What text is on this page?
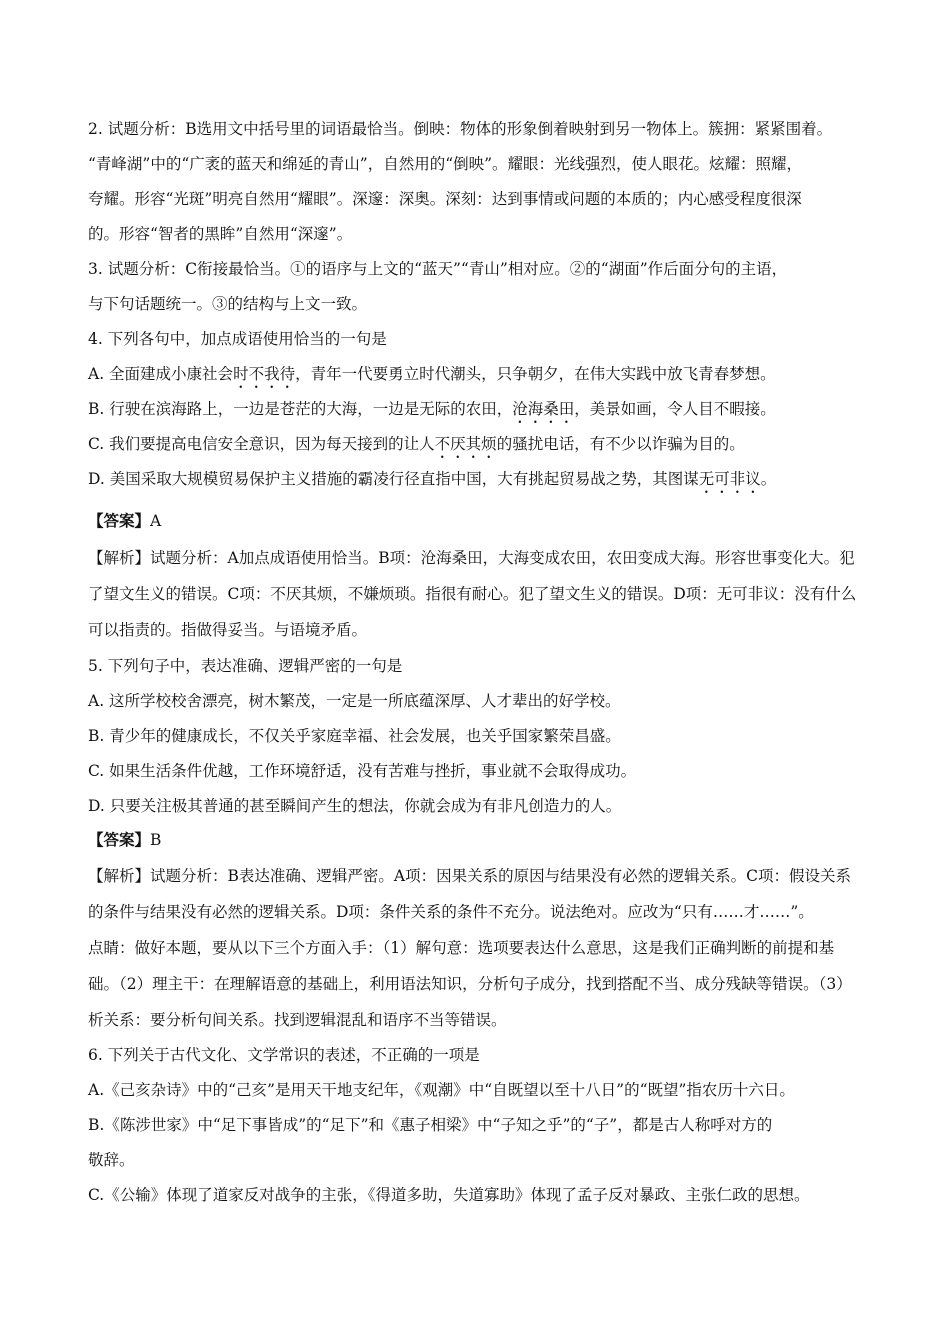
2. 试题分析：B选用文中括号里的词语最恰当。倒映：物体的形象倒着映射到另一物体上。簇拥：紧紧围着。
“青峰湖”中的“广袤的蓝天和绵延的青山”，自然用的“倒映”。耀眼：光线强烈，使人眼花。炫耀：照耀，
夸耀。形容“光斑”明亮自然用“耀眼”。深邃：深奥。深刻：达到事情或问题的本质的；内心感受程度很深
的。形容“智者的黑眸”自然用“深邃”。
3. 试题分析：C衔接最恰当。①的语序与上文的“蓝天”“青山”相对应。②的“湖面”作后面分句的主语，
与下句话题统一。③的结构与上文一致。
4. 下列各句中，加点成语使用恰当的一句是
A. 全面建成小康社会时不我待，青年一代要勇立时代潮头，只争朝夕，在伟大实践中放飞青春梦想。
B. 行驶在滨海路上，一边是苍茫的大海，一边是无际的农田，沧海桑田，美景如画，令人目不暇接。
C. 我们要提高电信安全意识，因为每天接到的让人不厌其烦的骚扰电话，有不少以诈骗为目的。
D. 美国采取大规模贸易保护主义措施的霸凌行径直指中国，大有挑起贸易战之势，其图谋无可非议。
【答案】A
【解析】试题分析：A加点成语使用恰当。B项：沧海桑田，大海变成农田，农田变成大海。形容世事变化大。犯
了望文生义的错误。C项：不厌其烦，不嫌烦琐。指很有耐心。犯了望文生义的错误。D项：无可非议：没有什么
可以指责的。指做得妥当。与语境矛盾。
5. 下列句子中，表达准确、逻辑严密的一句是
A. 这所学校校舍漂亮，树木繁茂，一定是一所底蕴深厚、人才辈出的好学校。
B. 青少年的健康成长，不仅关乎家庭幸福、社会发展，也关乎国家繁荣昌盛。
C. 如果生活条件优越，工作环境舒适，没有苦难与挫折，事业就不会取得成功。
D. 只要关注极其普通的甚至瞬间产生的想法，你就会成为有非凡创造力的人。
【答案】B
【解析】试题分析：B表达准确、逻辑严密。A项：因果关系的原因与结果没有必然的逻辑关系。C项：假设关系
的条件与结果没有必然的逻辑关系。D项：条件关系的条件不充分。说法绝对。应改为“只有……才……”。
点睛：做好本题，要从以下三个方面入手：（1）解句意：选项要表达什么意思，这是我们正确判断的前提和基
础。（2）理主干：在理解语意的基础上，利用语法知识，分析句子成分，找到搭配不当、成分残缺等错误。（3）
析关系：要分析句间关系。找到逻辑混乱和语序不当等错误。
6. 下列关于古代文化、文学常识的表述，不正确的一项是
A.《己亥杂诗》中的“己亥”是用天干地支纪年，《观潮》中“自既望以至十八日”的“既望”指农历十六日。
B.《陈涉世家》中“足下事皆成”的“足下”和《惠子相梁》中“子知之乎”的“子”，都是古人称呼对方的
敬辞。
C.《公输》体现了道家反对战争的主张，《得道多助，失道寡助》体现了孟子反对暴政、主张仁政的思想。
